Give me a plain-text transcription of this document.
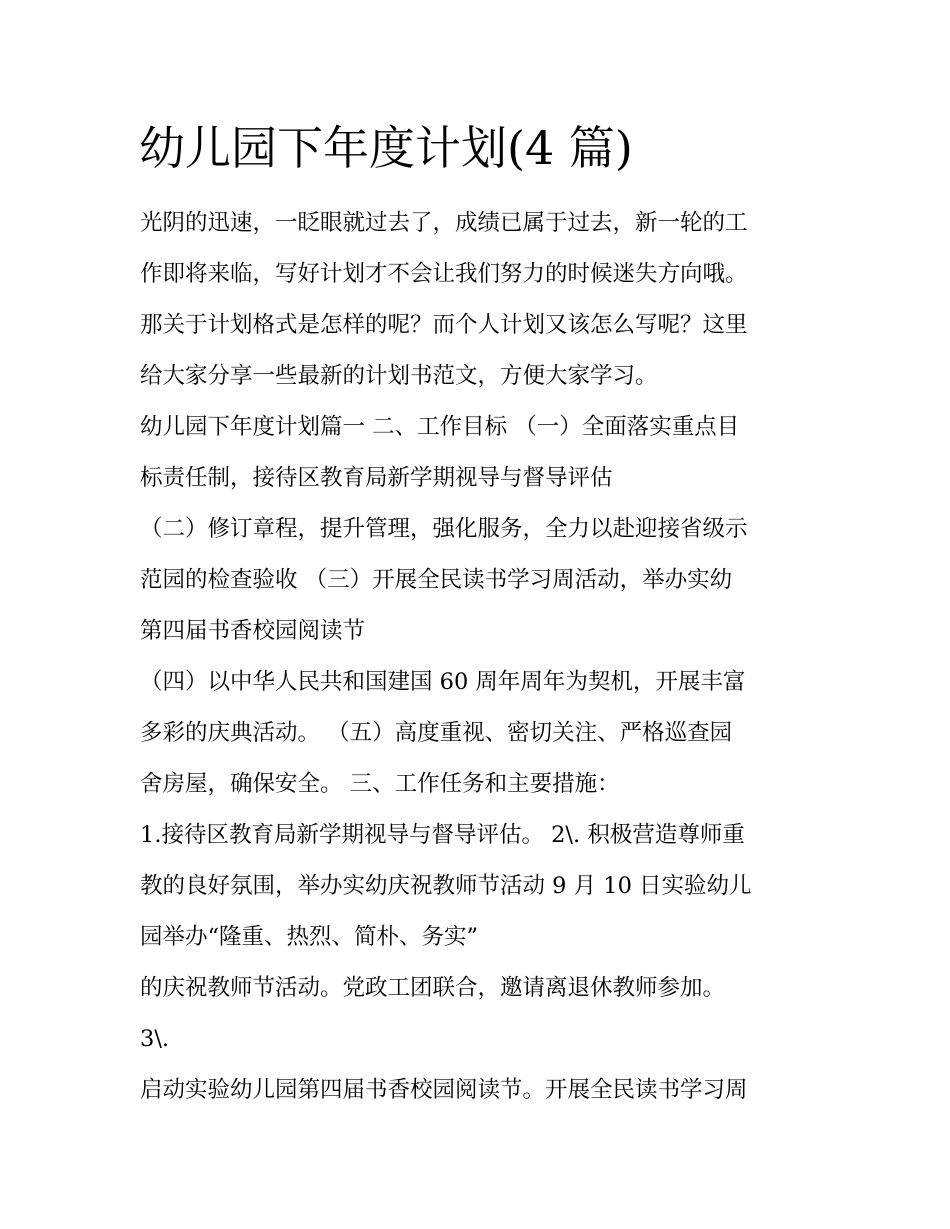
幼儿园下年度计划(4 篇)

光阴的迅速，一眨眼就过去了，成绩已属于过去，新一轮的工
作即将来临，写好计划才不会让我们努力的时候迷失方向哦。
那关于计划格式是怎样的呢？而个人计划又该怎么写呢？这里
给大家分享一些最新的计划书范文，方便大家学习。

幼儿园下年度计划篇一 二、工作目标 （一）全面落实重点目
标责任制，接待区教育局新学期视导与督导评估

（二）修订章程，提升管理，强化服务，全力以赴迎接省级示
范园的检查验收 （三）开展全民读书学习周活动，举办实幼
第四届书香校园阅读节

（四）以中华人民共和国建国 60 周年周年为契机，开展丰富
多彩的庆典活动。 （五）高度重视、密切关注、严格巡查园
舍房屋，确保安全。 三、工作任务和主要措施：

1.接待区教育局新学期视导与督导评估。 2\. 积极营造尊师重
教的良好氛围，举办实幼庆祝教师节活动 9 月 10 日实验幼儿
园举办“隆重、热烈、简朴、务实”

的庆祝教师节活动。党政工团联合，邀请离退休教师参加。
3\.

启动实验幼儿园第四届书香校园阅读节。开展全民读书学习周
